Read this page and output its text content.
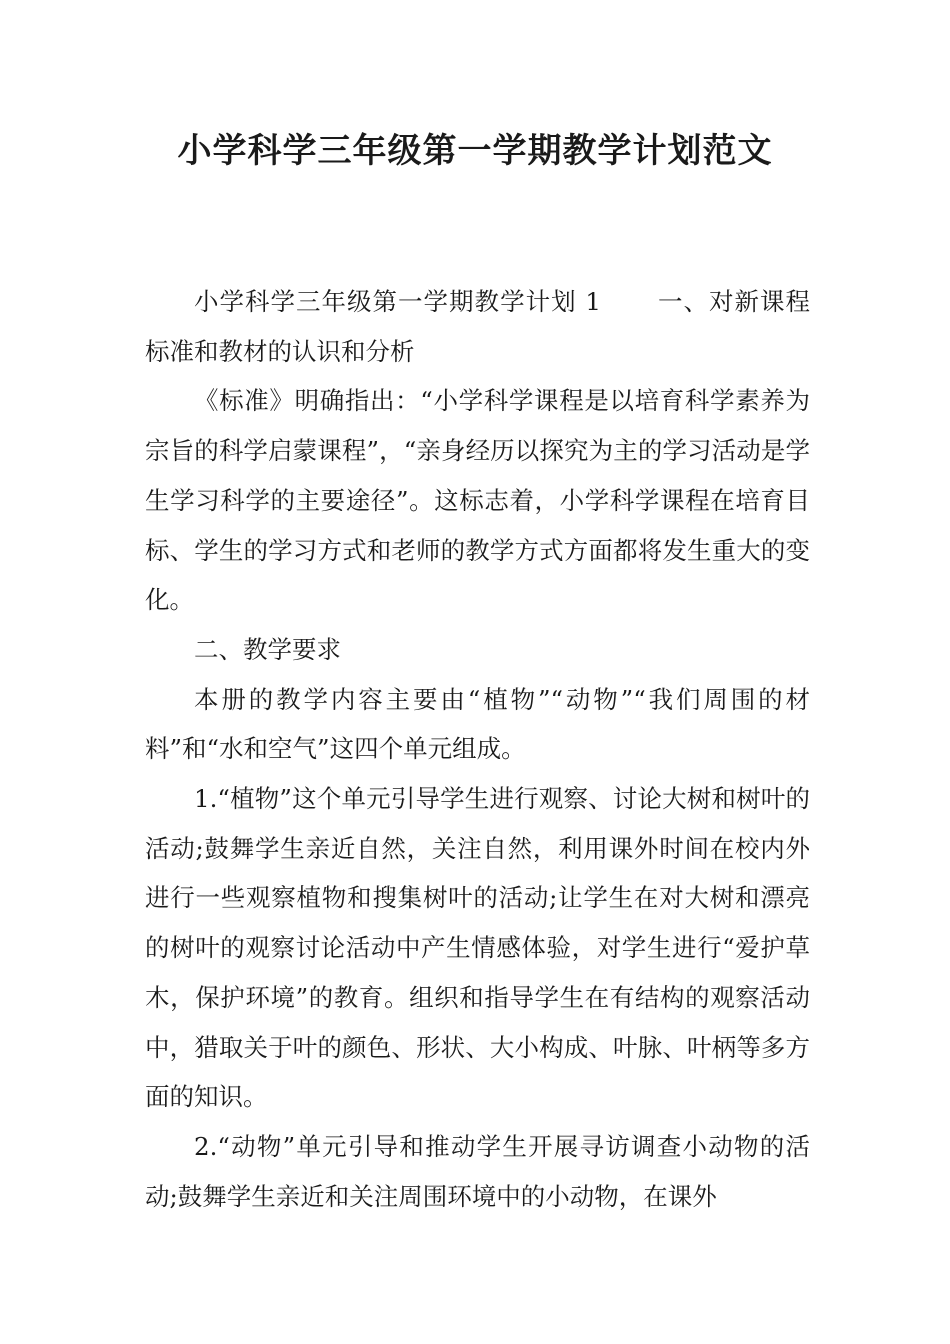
小学科学三年级第一学期教学计划范文

小学科学三年级第一学期教学计划 1 一、对新课程标准和教材的认识和分析

《标准》明确指出：“小学科学课程是以培育科学素养为宗旨的科学启蒙课程”，“亲身经历以探究为主的学习活动是学生学习科学的主要途径”。这标志着，小学科学课程在培育目标、学生的学习方式和老师的教学方式方面都将发生重大的变化。

二、教学要求

本册的教学内容主要由“植物”“动物”“我们周围的材料”和“水和空气”这四个单元组成。

1.“植物”这个单元引导学生进行观察、讨论大树和树叶的活动;鼓舞学生亲近自然，关注自然，利用课外时间在校内外进行一些观察植物和搜集树叶的活动;让学生在对大树和漂亮的树叶的观察讨论活动中产生情感体验，对学生进行“爱护草木，保护环境”的教育。组织和指导学生在有结构的观察活动中，猎取关于叶的颜色、形状、大小构成、叶脉、叶柄等多方面的知识。

2.“动物”单元引导和推动学生开展寻访调查小动物的活动;鼓舞学生亲近和关注周围环境中的小动物，在课外
